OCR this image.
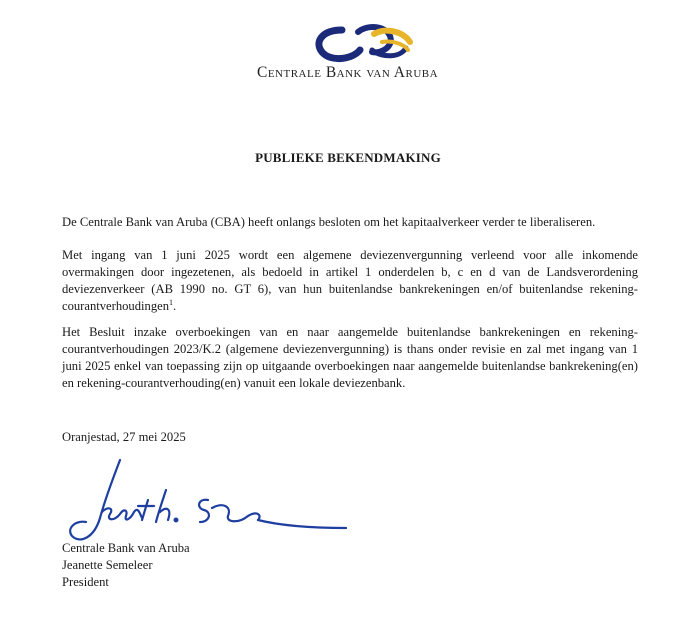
Centrale Bank van Aruba
PUBLIEKE BEKENDMAKING
De Centrale Bank van Aruba (CBA) heeft onlangs besloten om het kapitaalverkeer verder te liberaliseren.
Met ingang van 1 juni 2025 wordt een algemene deviezenvergunning verleend voor alle inkomende overmakingen door ingezetenen, als bedoeld in artikel 1 onderdelen b, c en d van de Landsverordening deviezenverkeer (AB 1990 no. GT 6), van hun buitenlandse bankrekeningen en/of buitenlandse rekening-courantverhoudingen$^1$.
Het Besluit inzake overboekingen van en naar aangemelde buitenlandse bankrekeningen en rekening-courantverhoudingen 2023/K.2 (algemene deviezenvergunning) is thans onder revisie en zal met ingang van 1 juni 2025 enkel van toepassing zijn op uitgaande overboekingen naar aangemelde buitenlandse bankrekening(en) en rekening-courantverhouding(en) vanuit een lokale deviezenbank.
Oranjestad, 27 mei 2025
Centrale Bank van Aruba
Jeanette Semeleer
President
